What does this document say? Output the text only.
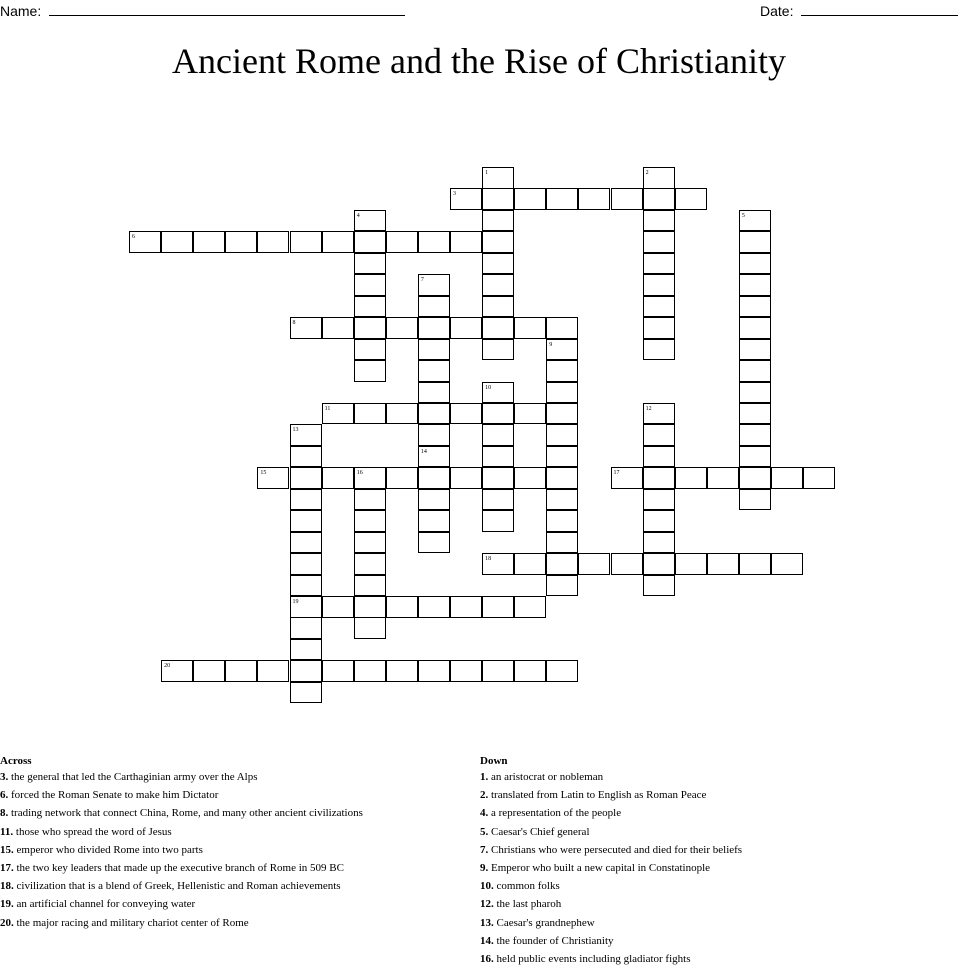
Name:	Date:
Ancient Rome and the Rise of Christianity
1	2
3
4	5
6
7
8
9
10
11	12
13
14
15	16	17
18
19
20
Across
3. the general that led the Carthaginian army over the Alps
6. forced the Roman Senate to make him Dictator
8. trading network that connect China, Rome, and many other ancient civilizations
11. those who spread the word of Jesus
15. emperor who divided Rome into two parts
17. the two key leaders that made up the executive branch of Rome in 509 BC
18. civilization that is a blend of Greek, Hellenistic and Roman achievements
19. an artificial channel for conveying water
20. the major racing and military chariot center of Rome
Down
1. an aristocrat or nobleman
2. translated from Latin to English as Roman Peace
4. a representation of the people
5. Caesar's Chief general
7. Christians who were persecuted and died for their beliefs
9. Emperor who built a new capital in Constatinople
10. common folks
12. the last pharoh
13. Caesar's grandnephew
14. the founder of Christianity
16. held public events including gladiator fights
